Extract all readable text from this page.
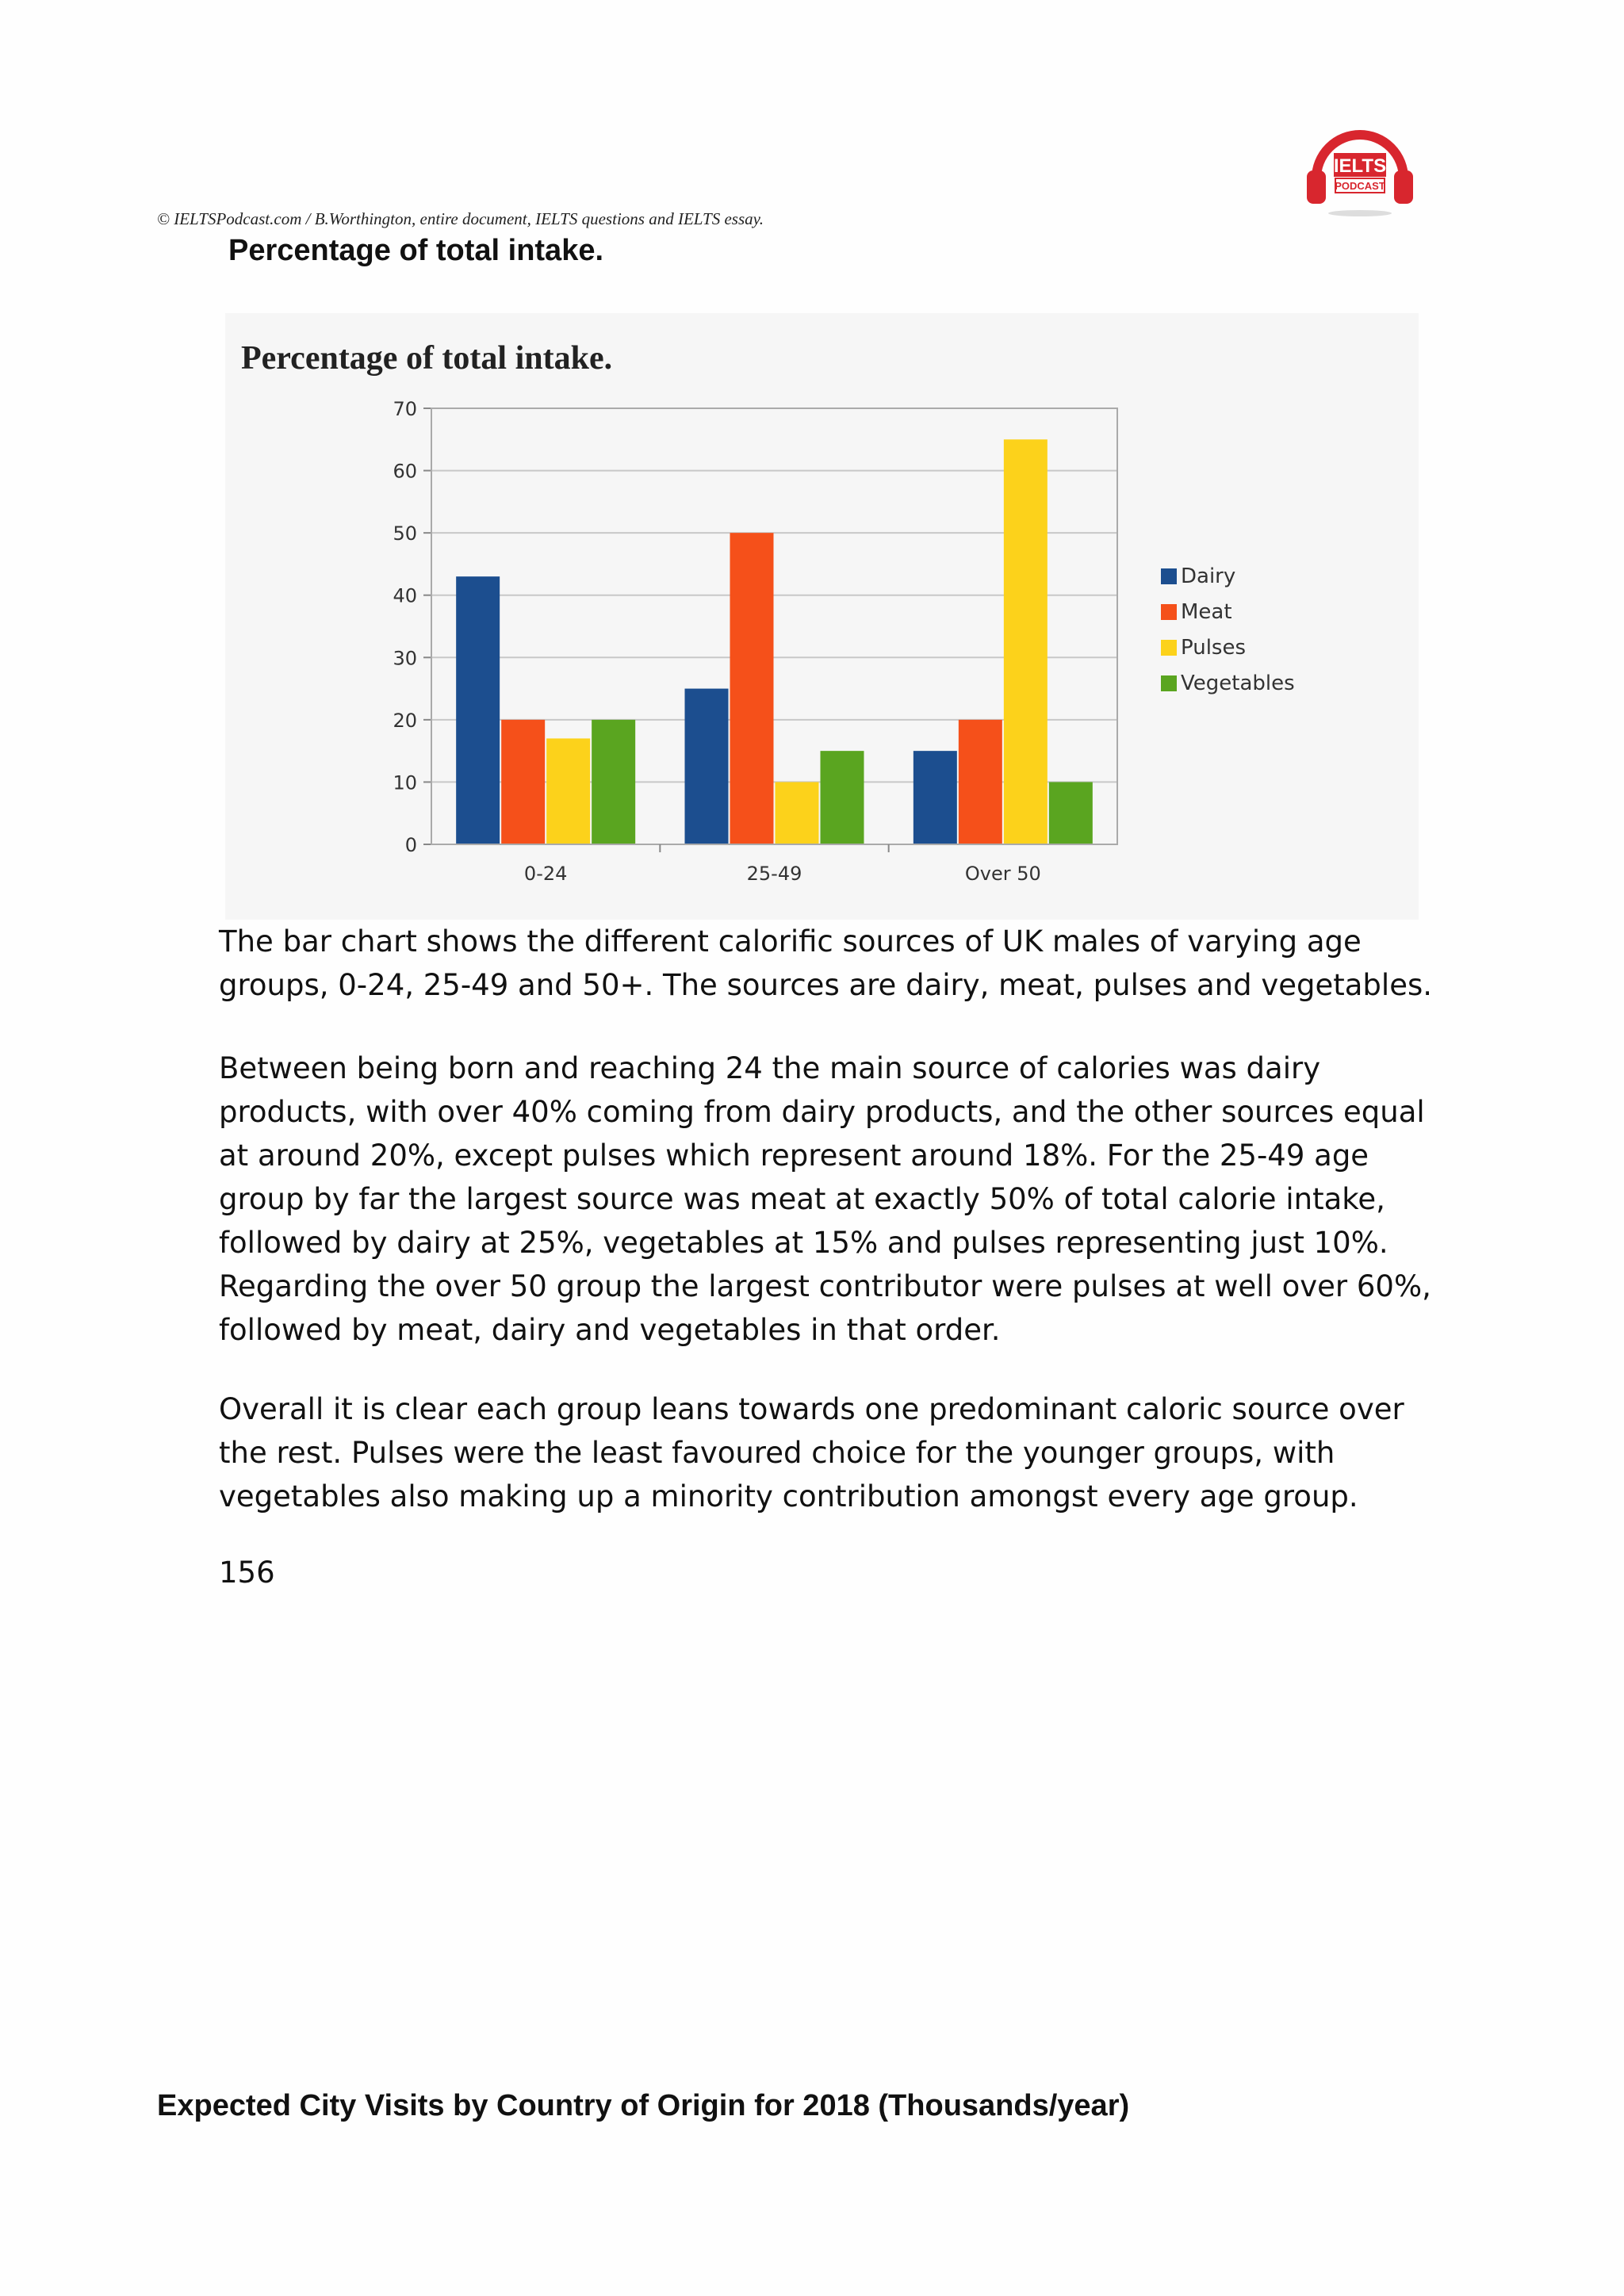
© IELTSPodcast.com / B.Worthington, entire document, IELTS questions and IELTS essay.
IELTS
PODCAST
Percentage of total intake.
Percentage of total intake.
0
10
20
30
40
50
60
70
0-24	25-49	Over 50
Dairy
Meat
Pulses
Vegetables

The bar chart shows the different calorific sources of UK males of varying age groups, 0-24, 25-49 and 50+. The sources are dairy, meat, pulses and vegetables.

Between being born and reaching 24 the main source of calories was dairy products, with over 40% coming from dairy products, and the other sources equal at around 20%, except pulses which represent around 18%. For the 25-49 age group by far the largest source was meat at exactly 50% of total calorie intake, followed by dairy at 25%, vegetables at 15% and pulses representing just 10%. Regarding the over 50 group the largest contributor were pulses at well over 60%, followed by meat, dairy and vegetables in that order.

Overall it is clear each group leans towards one predominant caloric source over the rest. Pulses were the least favoured choice for the younger groups, with vegetables also making up a minority contribution amongst every age group.

156
Expected City Visits by Country of Origin for 2018 (Thousands/year)
